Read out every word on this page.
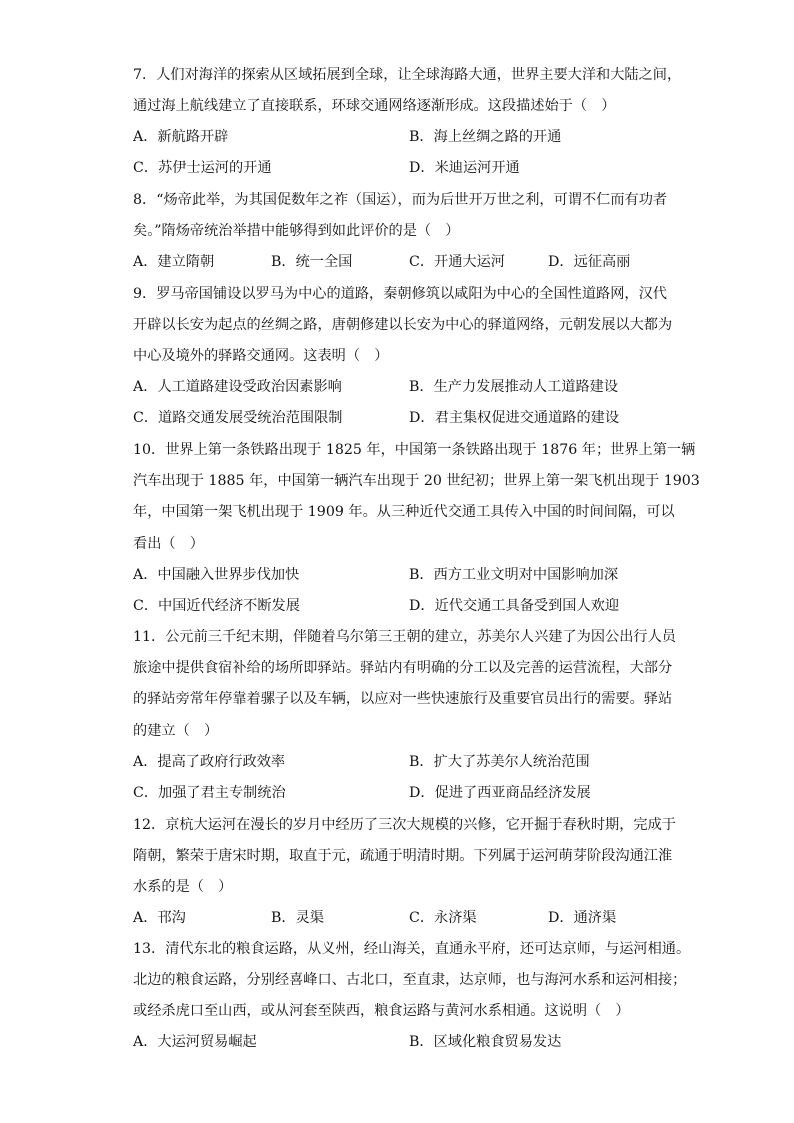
7．人们对海洋的探索从区域拓展到全球，让全球海路大通，世界主要大洋和大陆之间，
通过海上航线建立了直接联系，环球交通网络逐渐形成。这段描述始于（　）
A．新航路开辟	B．海上丝绸之路的开通
C．苏伊士运河的开通	D．米迪运河开通
8．“炀帝此举，为其国促数年之祚（国运），而为后世开万世之利，可谓不仁而有功者
矣。”隋炀帝统治举措中能够得到如此评价的是（　）
A．建立隋朝	B．统一全国	C．开通大运河	D．远征高丽
9．罗马帝国铺设以罗马为中心的道路，秦朝修筑以咸阳为中心的全国性道路网，汉代
开辟以长安为起点的丝绸之路，唐朝修建以长安为中心的驿道网络，元朝发展以大都为
中心及境外的驿路交通网。这表明（　）
A．人工道路建设受政治因素影响	B．生产力发展推动人工道路建设
C．道路交通发展受统治范围限制	D．君主集权促进交通道路的建设
10．世界上第一条铁路出现于 1825 年，中国第一条铁路出现于 1876 年；世界上第一辆
汽车出现于 1885 年，中国第一辆汽车出现于 20 世纪初；世界上第一架飞机出现于 1903
年，中国第一架飞机出现于 1909 年。从三种近代交通工具传入中国的时间间隔，可以
看出（　）
A．中国融入世界步伐加快	B．西方工业文明对中国影响加深
C．中国近代经济不断发展	D．近代交通工具备受到国人欢迎
11．公元前三千纪末期，伴随着乌尔第三王朝的建立，苏美尔人兴建了为因公出行人员
旅途中提供食宿补给的场所即驿站。驿站内有明确的分工以及完善的运营流程，大部分
的驿站旁常年停靠着骡子以及车辆，以应对一些快速旅行及重要官员出行的需要。驿站
的建立（　）
A．提高了政府行政效率	B．扩大了苏美尔人统治范围
C．加强了君主专制统治	D．促进了西亚商品经济发展
12．京杭大运河在漫长的岁月中经历了三次大规模的兴修，它开掘于春秋时期，完成于
隋朝，繁荣于唐宋时期，取直于元，疏通于明清时期。下列属于运河萌芽阶段沟通江淮
水系的是（　）
A．邗沟	B．灵渠	C．永济渠	D．通济渠
13．清代东北的粮食运路，从义州，经山海关，直通永平府，还可达京师，与运河相通。
北边的粮食运路，分别经喜峰口、古北口，至直隶，达京师，也与海河水系和运河相接；
或经杀虎口至山西，或从河套至陕西，粮食运路与黄河水系相通。这说明（　）
A．大运河贸易崛起	B．区域化粮食贸易发达
